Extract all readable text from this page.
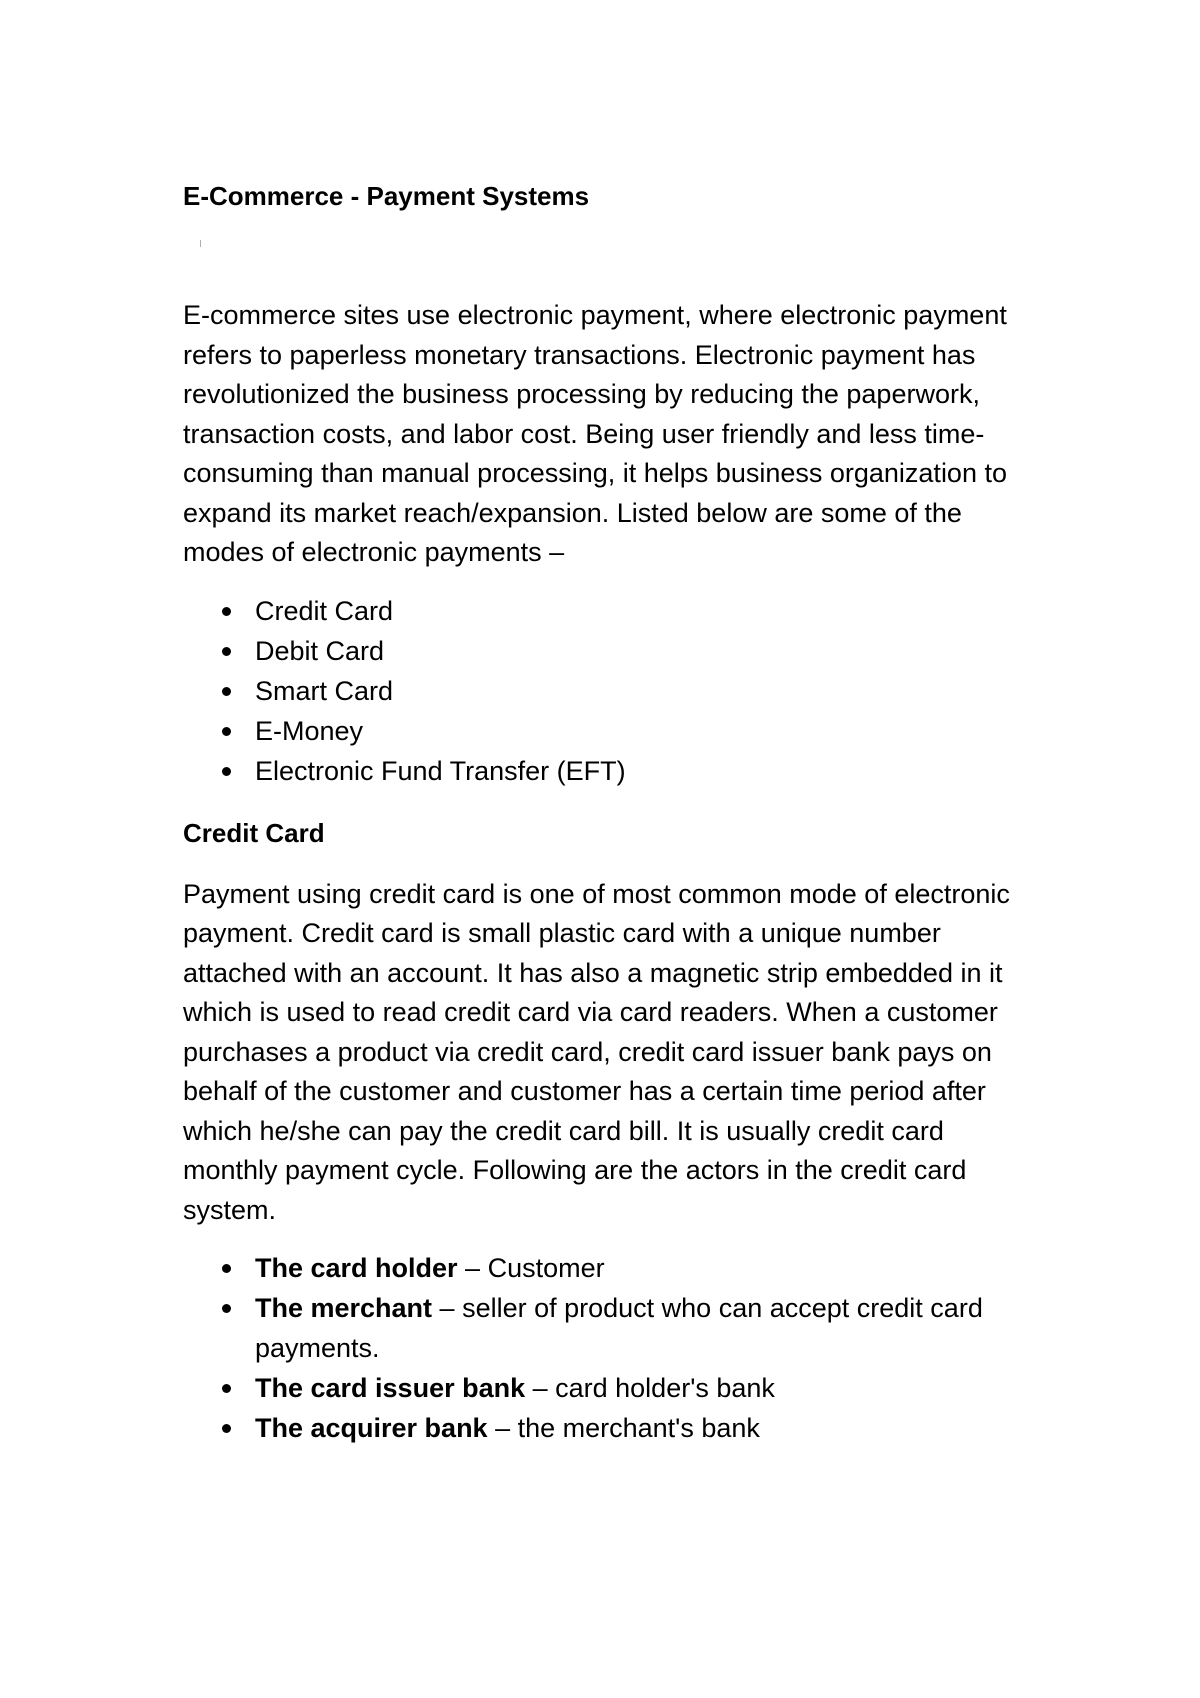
E-Commerce - Payment Systems

E-commerce sites use electronic payment, where electronic payment refers to paperless monetary transactions. Electronic payment has revolutionized the business processing by reducing the paperwork, transaction costs, and labor cost. Being user friendly and less time-consuming than manual processing, it helps business organization to expand its market reach/expansion. Listed below are some of the modes of electronic payments –

Credit Card
Debit Card
Smart Card
E-Money
Electronic Fund Transfer (EFT)
Credit Card

Payment using credit card is one of most common mode of electronic payment. Credit card is small plastic card with a unique number attached with an account. It has also a magnetic strip embedded in it which is used to read credit card via card readers. When a customer purchases a product via credit card, credit card issuer bank pays on behalf of the customer and customer has a certain time period after which he/she can pay the credit card bill. It is usually credit card monthly payment cycle. Following are the actors in the credit card system.

The card holder – Customer
The merchant – seller of product who can accept credit card payments.
The card issuer bank – card holder's bank
The acquirer bank – the merchant's bank
